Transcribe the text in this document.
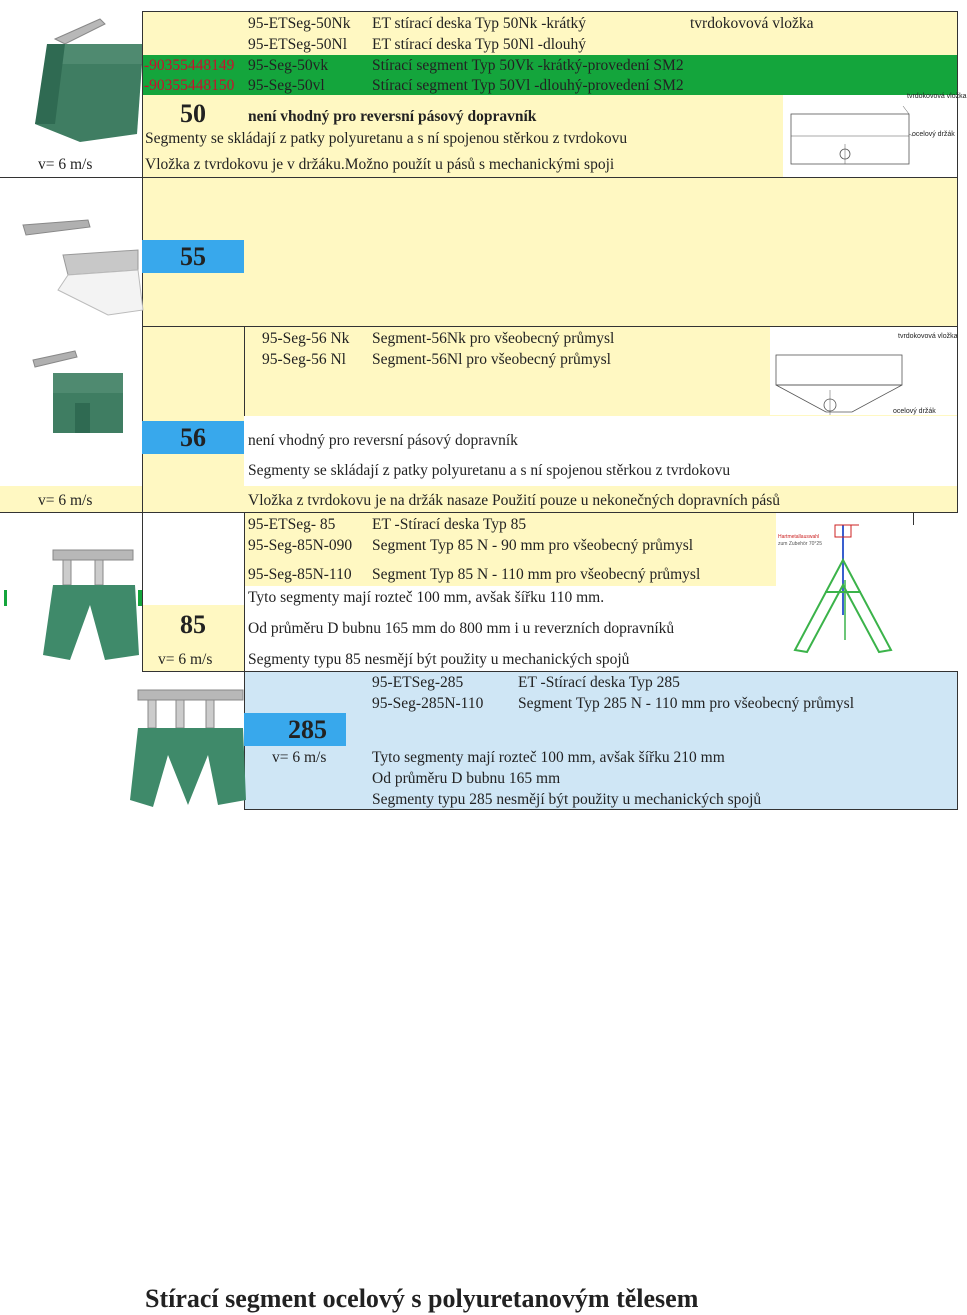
95-ETSeg-50Nk ET stírací deska Typ 50Nk -krátký	tvrdokovová vložka
95-ETSeg-50Nl ET stírací deska Typ 50Nl -dlouhý
-90355448149 95-Seg-50vk	Stírací segment Typ 50Vk -krátký-provedení SM2
-90355448150 95-Seg-50vl	Stírací segment Typ 50Vl -dlouhý-provedení SM2
50	není vhodný pro reversní pásový dopravník
Segmenty se skládají z patky polyuretanu a s ní spojenou stěrkou z tvrdokovu
v= 6 m/s	Vložka z tvrdokovu je v držáku.Možno použít u pásů s mechanickými spoji
tvrdokovová vložka
ocelový držák
55
95-Seg-56 Nk Segment-56Nk pro všeobecný průmysl
95-Seg-56 Nl Segment-56Nl pro všeobecný průmysl
tvrdokovová vložka
ocelový držák
56	není vhodný pro reversní pásový dopravník
Segmenty se skládají z patky polyuretanu a s ní spojenou stěrkou z tvrdokovu
v= 6 m/s	Vložka z tvrdokovu je na držák nasaze Použití pouze u nekonečných dopravních pásů
95-ETSeg- 85 ET -Stírací deska Typ 85
95-Seg-85N-090 Segment Typ 85 N - 90 mm pro všeobecný průmysl
95-Seg-85N-110 Segment Typ 85 N - 110 mm pro všeobecný průmysl
Tyto segmenty mají rozteč 100 mm, avšak šířku 110 mm.
85	Od průměru D bubnu 165 mm do 800 mm i u reverzních dopravníků
v= 6 m/s Segmenty typu 85 nesmějí být použity u mechanických spojů
Hartmetallauswahl
zum Zubehör 70°25
95-ETSeg-285	ET -Stírací deska Typ 285
95-Seg-285N-110 Segment Typ 285 N - 110 mm pro všeobecný průmysl
285
v= 6 m/s	Tyto segmenty mají rozteč 100 mm, avšak šířku 210 mm
Od průměru D bubnu 165 mm
Segmenty typu 285 nesmějí být použity u mechanických spojů
Stírací segment ocelový s polyuretanovým tělesem
